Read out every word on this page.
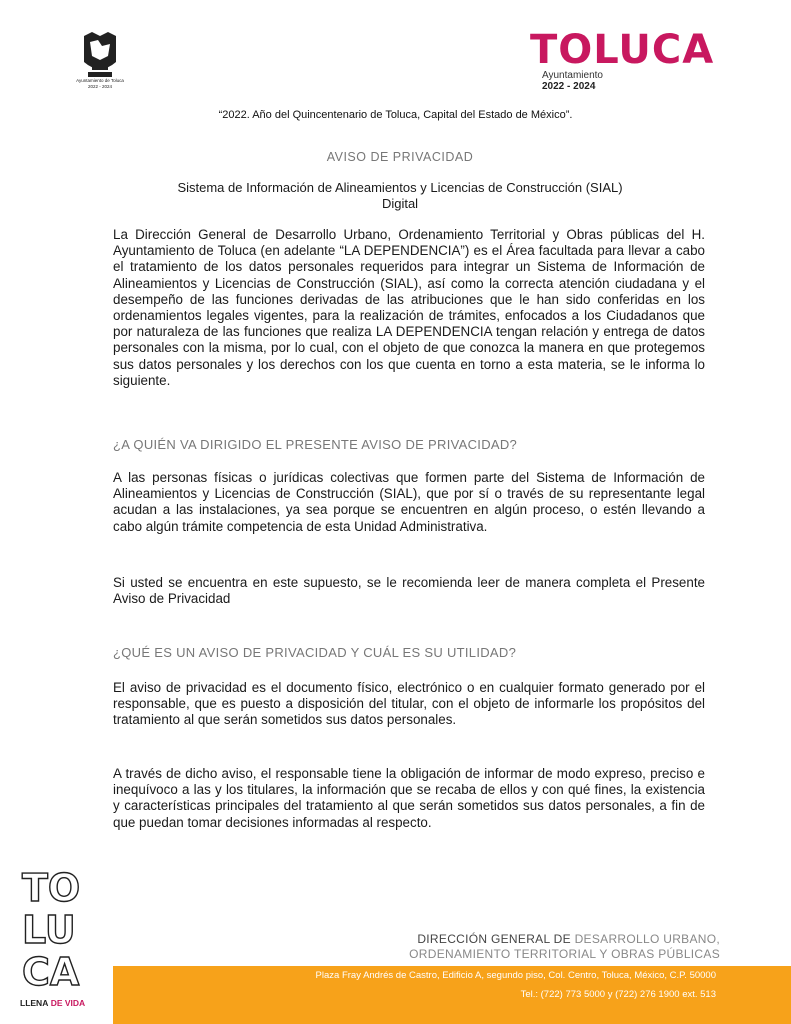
Ayuntamiento de Toluca
2022 - 2024
TOLUCA
Ayuntamiento
2022 - 2024
“2022. Año del Quincentenario de Toluca, Capital del Estado de México”.
AVISO DE PRIVACIDAD
Sistema de Información de Alineamientos y Licencias de Construcción (SIAL)
Digital
La Dirección General de Desarrollo Urbano, Ordenamiento Territorial y Obras públicas del H. Ayuntamiento de Toluca (en adelante “LA DEPENDENCIA”) es el Área facultada para llevar a cabo el tratamiento de los datos personales requeridos para integrar un Sistema de Información de Alineamientos y Licencias de Construcción (SIAL), así como la correcta atención ciudadana y el desempeño de las funciones derivadas de las atribuciones que le han sido conferidas en los ordenamientos legales vigentes, para la realización de trámites, enfocados a los Ciudadanos que por naturaleza de las funciones que realiza LA DEPENDENCIA tengan relación y entrega de datos personales con la misma, por lo cual, con el objeto de que conozca la manera en que protegemos sus datos personales y los derechos con los que cuenta en torno a esta materia, se le informa lo siguiente.
¿A QUIÉN VA DIRIGIDO EL PRESENTE AVISO DE PRIVACIDAD?
A las personas físicas o jurídicas colectivas que formen parte del Sistema de Información de Alineamientos y Licencias de Construcción (SIAL), que por sí o través de su representante legal acudan a las instalaciones, ya sea porque se encuentren en algún proceso, o estén llevando a cabo algún trámite competencia de esta Unidad Administrativa.
Si usted se encuentra en este supuesto, se le recomienda leer de manera completa el Presente Aviso de Privacidad
¿QUÉ ES UN AVISO DE PRIVACIDAD Y CUÁL ES SU UTILIDAD?
El aviso de privacidad es el documento físico, electrónico o en cualquier formato generado por el responsable, que es puesto a disposición del titular, con el objeto de informarle los propósitos del tratamiento al que serán sometidos sus datos personales.
A través de dicho aviso, el responsable tiene la obligación de informar de modo expreso, preciso e inequívoco a las y los titulares, la información que se recaba de ellos y con qué fines, la existencia y características principales del tratamiento al que serán sometidos sus datos personales, a fin de que puedan tomar decisiones informadas al respecto.
TO
LU
CA
LLENA DE VIDA
DIRECCIÓN GENERAL DE DESARROLLO URBANO,
ORDENAMIENTO TERRITORIAL Y OBRAS PÚBLICAS
Plaza Fray Andrés de Castro, Edificio A, segundo piso, Col. Centro, Toluca, México, C.P. 50000
Tel.: (722) 773 5000 y (722) 276 1900 ext. 513
